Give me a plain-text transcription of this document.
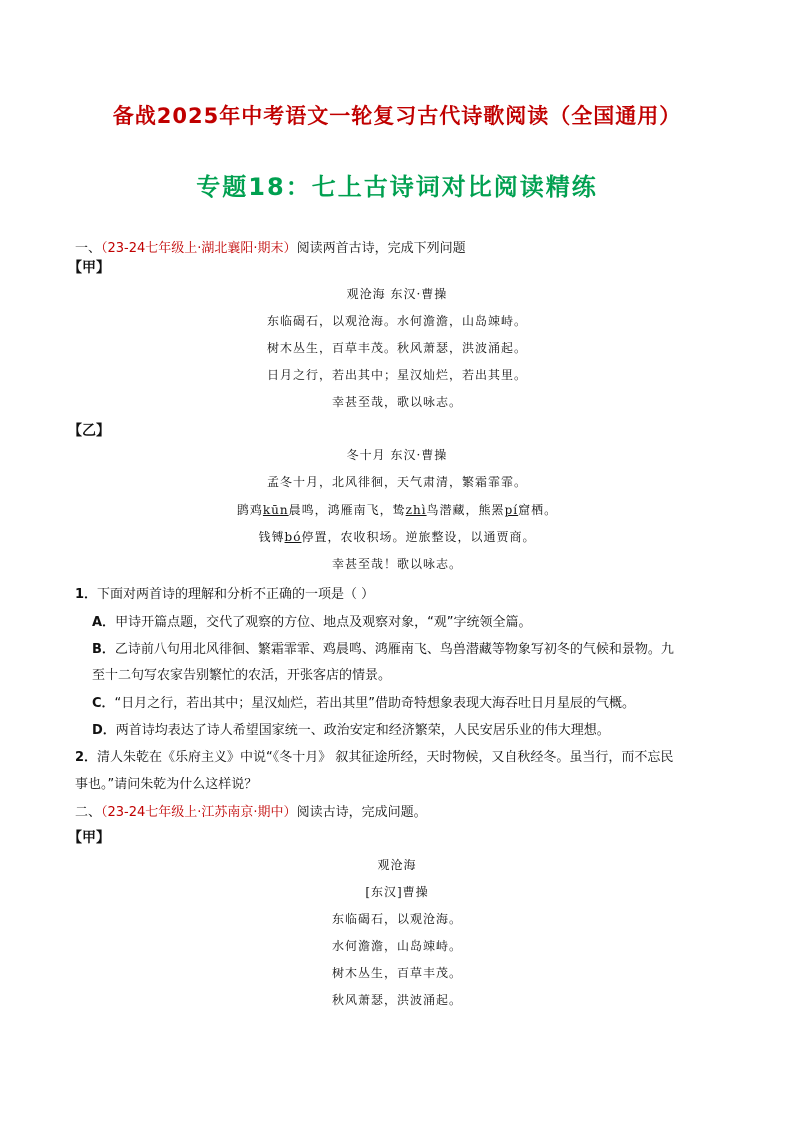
备战2025年中考语文一轮复习古代诗歌阅读（全国通用）
专题18：七上古诗词对比阅读精练
一、（23-24七年级上·湖北襄阳·期末）阅读两首古诗，完成下列问题
【甲】
观沧海 东汉·曹操
东临碣石，以观沧海。水何澹澹，山岛竦峙。
树木丛生，百草丰茂。秋风萧瑟，洪波涌起。
日月之行，若出其中；星汉灿烂，若出其里。
幸甚至哉，歌以咏志。
【乙】
冬十月 东汉·曹操
孟冬十月，北风徘徊，天气肃清，繁霜霏霏。
鹍鸡kūn晨鸣，鸿雁南飞，鸷zhì鸟潜藏，熊罴pí窟栖。
钱镈bó停置，农收积场。逆旅整设，以通贾商。
幸甚至哉！歌以咏志。
1．下面对两首诗的理解和分析不正确的一项是（ ）
A．甲诗开篇点题，交代了观察的方位、地点及观察对象，“观”字统领全篇。
B．乙诗前八句用北风徘徊、繁霜霏霏、鸡晨鸣、鸿雁南飞、鸟兽潜藏等物象写初冬的气候和景物。九
至十二句写农家告别繁忙的农活，开张客店的情景。
C．“日月之行，若出其中；星汉灿烂，若出其里”借助奇特想象表现大海吞吐日月星辰的气概。
D．两首诗均表达了诗人希望国家统一、政治安定和经济繁荣，人民安居乐业的伟大理想。
2．清人朱乾在《乐府主义》中说“《冬十月》 叙其征途所经，天时物候，又自秋经冬。虽当行，而不忘民
事也。”请问朱乾为什么这样说？
二、（23-24七年级上·江苏南京·期中）阅读古诗，完成问题。
【甲】
观沧海
[东汉]曹操
东临碣石，以观沧海。
水何澹澹，山岛竦峙。
树木丛生，百草丰茂。
秋风萧瑟，洪波涌起。
